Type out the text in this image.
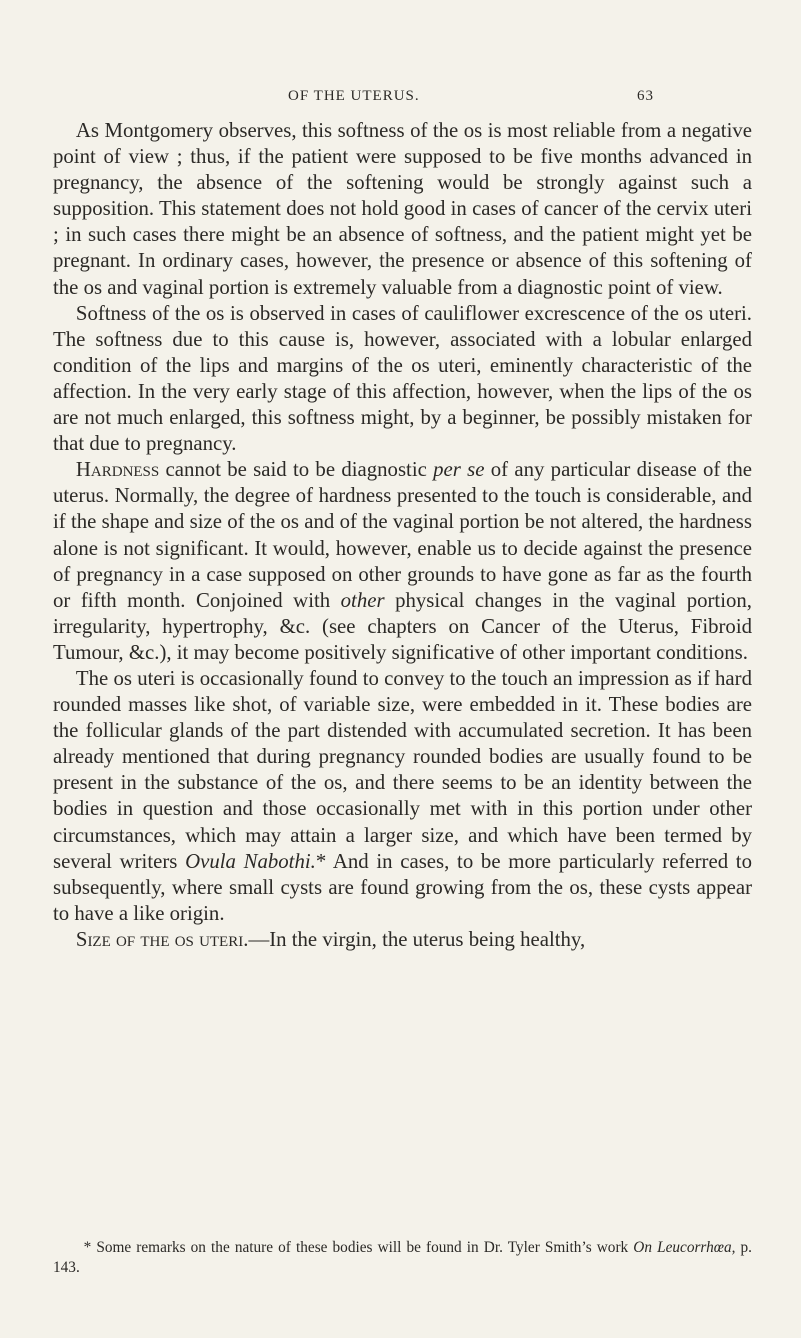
OF THE UTERUS.	63

As Montgomery observes, this softness of the os is most reliable from a negative point of view ; thus, if the patient were supposed to be five months advanced in pregnancy, the absence of the softening would be strongly against such a supposition. This statement does not hold good in cases of cancer of the cervix uteri ; in such cases there might be an absence of softness, and the patient might yet be pregnant. In ordinary cases, however, the presence or absence of this softening of the os and vaginal portion is extremely valuable from a diagnostic point of view.

Softness of the os is observed in cases of cauliflower excrescence of the os uteri. The softness due to this cause is, however, associated with a lobular enlarged condition of the lips and margins of the os uteri, eminently characteristic of the affection. In the very early stage of this affection, however, when the lips of the os are not much enlarged, this softness might, by a beginner, be possibly mistaken for that due to pregnancy.

Hardness cannot be said to be diagnostic per se of any particular disease of the uterus. Normally, the degree of hardness presented to the touch is considerable, and if the shape and size of the os and of the vaginal portion be not altered, the hardness alone is not significant. It would, however, enable us to decide against the presence of pregnancy in a case supposed on other grounds to have gone as far as the fourth or fifth month. Conjoined with other physical changes in the vaginal portion, irregularity, hypertrophy, &c. (see chapters on Cancer of the Uterus, Fibroid Tumour, &c.), it may become positively significative of other important conditions.

The os uteri is occasionally found to convey to the touch an impression as if hard rounded masses like shot, of variable size, were embedded in it. These bodies are the follicular glands of the part distended with accumulated secretion. It has been already mentioned that during pregnancy rounded bodies are usually found to be present in the substance of the os, and there seems to be an identity between the bodies in question and those occasionally met with in this portion under other circumstances, which may attain a larger size, and which have been termed by several writers Ovula Nabothi.* And in cases, to be more particularly referred to subsequently, where small cysts are found growing from the os, these cysts appear to have a like origin.

Size of the os uteri.—In the virgin, the uterus being healthy,

* Some remarks on the nature of these bodies will be found in Dr. Tyler Smith’s work On Leucorrhœa, p. 143.
